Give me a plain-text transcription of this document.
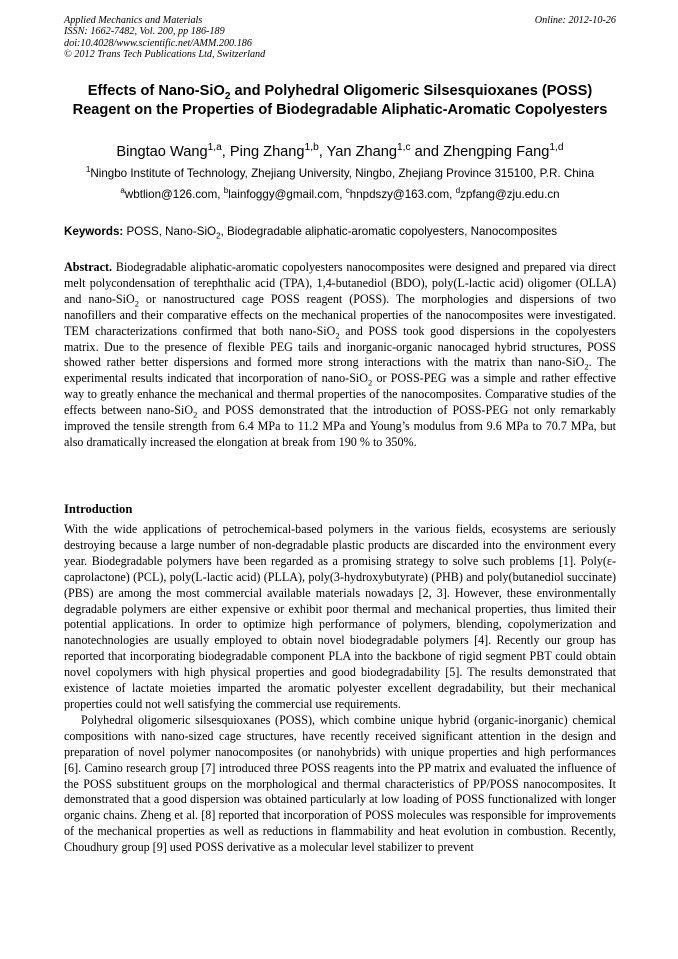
Applied Mechanics and Materials
ISSN: 1662-7482, Vol. 200, pp 186-189
doi:10.4028/www.scientific.net/AMM.200.186
© 2012 Trans Tech Publications Ltd, Switzerland
Online: 2012-10-26
Effects of Nano-SiO$_2$ and Polyhedral Oligomeric Silsesquioxanes (POSS) Reagent on the Properties of Biodegradable Aliphatic-Aromatic Copolyesters
Bingtao Wang$^{1,a}$, Ping Zhang$^{1,b}$, Yan Zhang$^{1,c}$ and Zhengping Fang$^{1,d}$
$^1$Ningbo Institute of Technology, Zhejiang University, Ningbo, Zhejiang Province 315100, P.R. China
$^a$wbtlion@126.com, $^b$lainfoggy@gmail.com, $^c$hnpdszy@163.com, $^d$zpfang@zju.edu.cn
Keywords: POSS, Nano-SiO$_2$, Biodegradable aliphatic-aromatic copolyesters, Nanocomposites
Abstract. Biodegradable aliphatic-aromatic copolyesters nanocomposites were designed and prepared via direct melt polycondensation of terephthalic acid (TPA), 1,4-butanediol (BDO), poly(L-lactic acid) oligomer (OLLA) and nano-SiO$_2$ or nanostructured cage POSS reagent (POSS). The morphologies and dispersions of two nanofillers and their comparative effects on the mechanical properties of the nanocomposites were investigated. TEM characterizations confirmed that both nano-SiO$_2$ and POSS took good dispersions in the copolyesters matrix. Due to the presence of flexible PEG tails and inorganic-organic nanocaged hybrid structures, POSS showed rather better dispersions and formed more strong interactions with the matrix than nano-SiO$_2$. The experimental results indicated that incorporation of nano-SiO$_2$ or POSS-PEG was a simple and rather effective way to greatly enhance the mechanical and thermal properties of the nanocomposites. Comparative studies of the effects between nano-SiO$_2$ and POSS demonstrated that the introduction of POSS-PEG not only remarkably improved the tensile strength from 6.4 MPa to 11.2 MPa and Young’s modulus from 9.6 MPa to 70.7 MPa, but also dramatically increased the elongation at break from 190 % to 350%.
Introduction

With the wide applications of petrochemical-based polymers in the various fields, ecosystems are seriously destroying because a large number of non-degradable plastic products are discarded into the environment every year. Biodegradable polymers have been regarded as a promising strategy to solve such problems [1]. Poly(ε-caprolactone) (PCL), poly(L-lactic acid) (PLLA), poly(3-hydroxybutyrate) (PHB) and poly(butanediol succinate) (PBS) are among the most commercial available materials nowadays [2, 3]. However, these environmentally degradable polymers are either expensive or exhibit poor thermal and mechanical properties, thus limited their potential applications. In order to optimize high performance of polymers, blending, copolymerization and nanotechnologies are usually employed to obtain novel biodegradable polymers [4]. Recently our group has reported that incorporating biodegradable component PLA into the backbone of rigid segment PBT could obtain novel copolymers with high physical properties and good biodegradability [5]. The results demonstrated that existence of lactate moieties imparted the aromatic polyester excellent degradability, but their mechanical properties could not well satisfying the commercial use requirements.

Polyhedral oligomeric silsesquioxanes (POSS), which combine unique hybrid (organic-inorganic) chemical compositions with nano-sized cage structures, have recently received significant attention in the design and preparation of novel polymer nanocomposites (or nanohybrids) with unique properties and high performances [6]. Camino research group [7] introduced three POSS reagents into the PP matrix and evaluated the influence of the POSS substituent groups on the morphological and thermal characteristics of PP/POSS nanocomposites. It demonstrated that a good dispersion was obtained particularly at low loading of POSS functionalized with longer organic chains. Zheng et al. [8] reported that incorporation of POSS molecules was responsible for improvements of the mechanical properties as well as reductions in flammability and heat evolution in combustion. Recently, Choudhury group [9] used POSS derivative as a molecular level stabilizer to prevent
